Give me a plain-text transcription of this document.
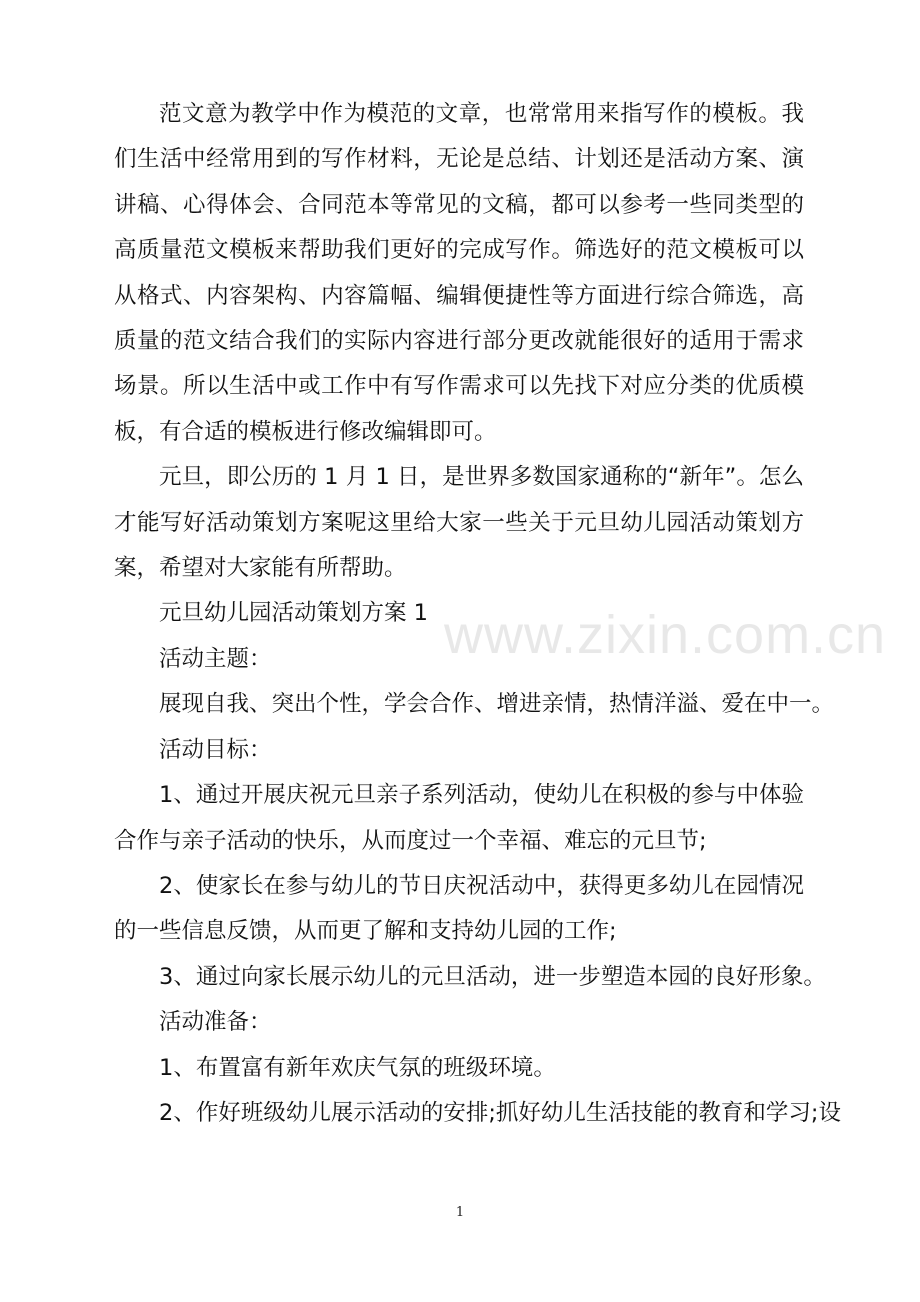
范文意为教学中作为模范的文章，也常常用来指写作的模板。我们生活中经常用到的写作材料，无论是总结、计划还是活动方案、演讲稿、心得体会、合同范本等常见的文稿，都可以参考一些同类型的高质量范文模板来帮助我们更好的完成写作。筛选好的范文模板可以从格式、内容架构、内容篇幅、编辑便捷性等方面进行综合筛选，高质量的范文结合我们的实际内容进行部分更改就能很好的适用于需求场景。所以生活中或工作中有写作需求可以先找下对应分类的优质模板，有合适的模板进行修改编辑即可。

元旦，即公历的 1 月 1 日，是世界多数国家通称的“新年”。怎么才能写好活动策划方案呢这里给大家一些关于元旦幼儿园活动策划方案，希望对大家能有所帮助。

元旦幼儿园活动策划方案 1

活动主题：

展现自我、突出个性，学会合作、增进亲情，热情洋溢、爱在中一。

活动目标：

1、通过开展庆祝元旦亲子系列活动，使幼儿在积极的参与中体验合作与亲子活动的快乐，从而度过一个幸福、难忘的元旦节;

2、使家长在参与幼儿的节日庆祝活动中，获得更多幼儿在园情况的一些信息反馈，从而更了解和支持幼儿园的工作;

3、通过向家长展示幼儿的元旦活动，进一步塑造本园的良好形象。

活动准备：

1、布置富有新年欢庆气氛的班级环境。

2、作好班级幼儿展示活动的安排;抓好幼儿生活技能的教育和学习;设

www.zixin.com.cn
1
